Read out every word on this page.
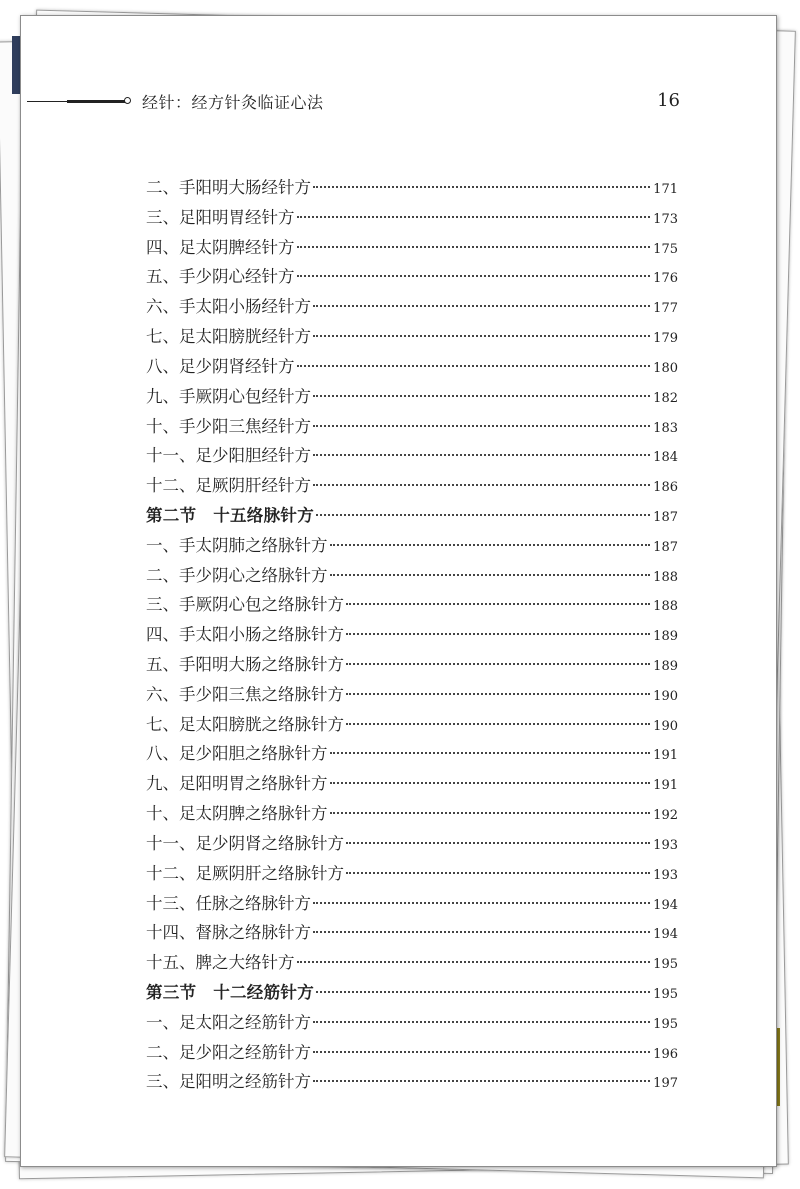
经针：经方针灸临证心法	16
二、手阳明大肠经针方	171
三、足阳明胃经针方	173
四、足太阴脾经针方	175
五、手少阴心经针方	176
六、手太阳小肠经针方	177
七、足太阳膀胱经针方	179
八、足少阴肾经针方	180
九、手厥阴心包经针方	182
十、手少阳三焦经针方	183
十一、足少阳胆经针方	184
十二、足厥阴肝经针方	186
第二节　十五络脉针方	187
一、手太阴肺之络脉针方	187
二、手少阴心之络脉针方	188
三、手厥阴心包之络脉针方	188
四、手太阳小肠之络脉针方	189
五、手阳明大肠之络脉针方	189
六、手少阳三焦之络脉针方	190
七、足太阳膀胱之络脉针方	190
八、足少阳胆之络脉针方	191
九、足阳明胃之络脉针方	191
十、足太阴脾之络脉针方	192
十一、足少阴肾之络脉针方	193
十二、足厥阴肝之络脉针方	193
十三、任脉之络脉针方	194
十四、督脉之络脉针方	194
十五、脾之大络针方	195
第三节　十二经筋针方	195
一、足太阳之经筋针方	195
二、足少阳之经筋针方	196
三、足阳明之经筋针方	197
